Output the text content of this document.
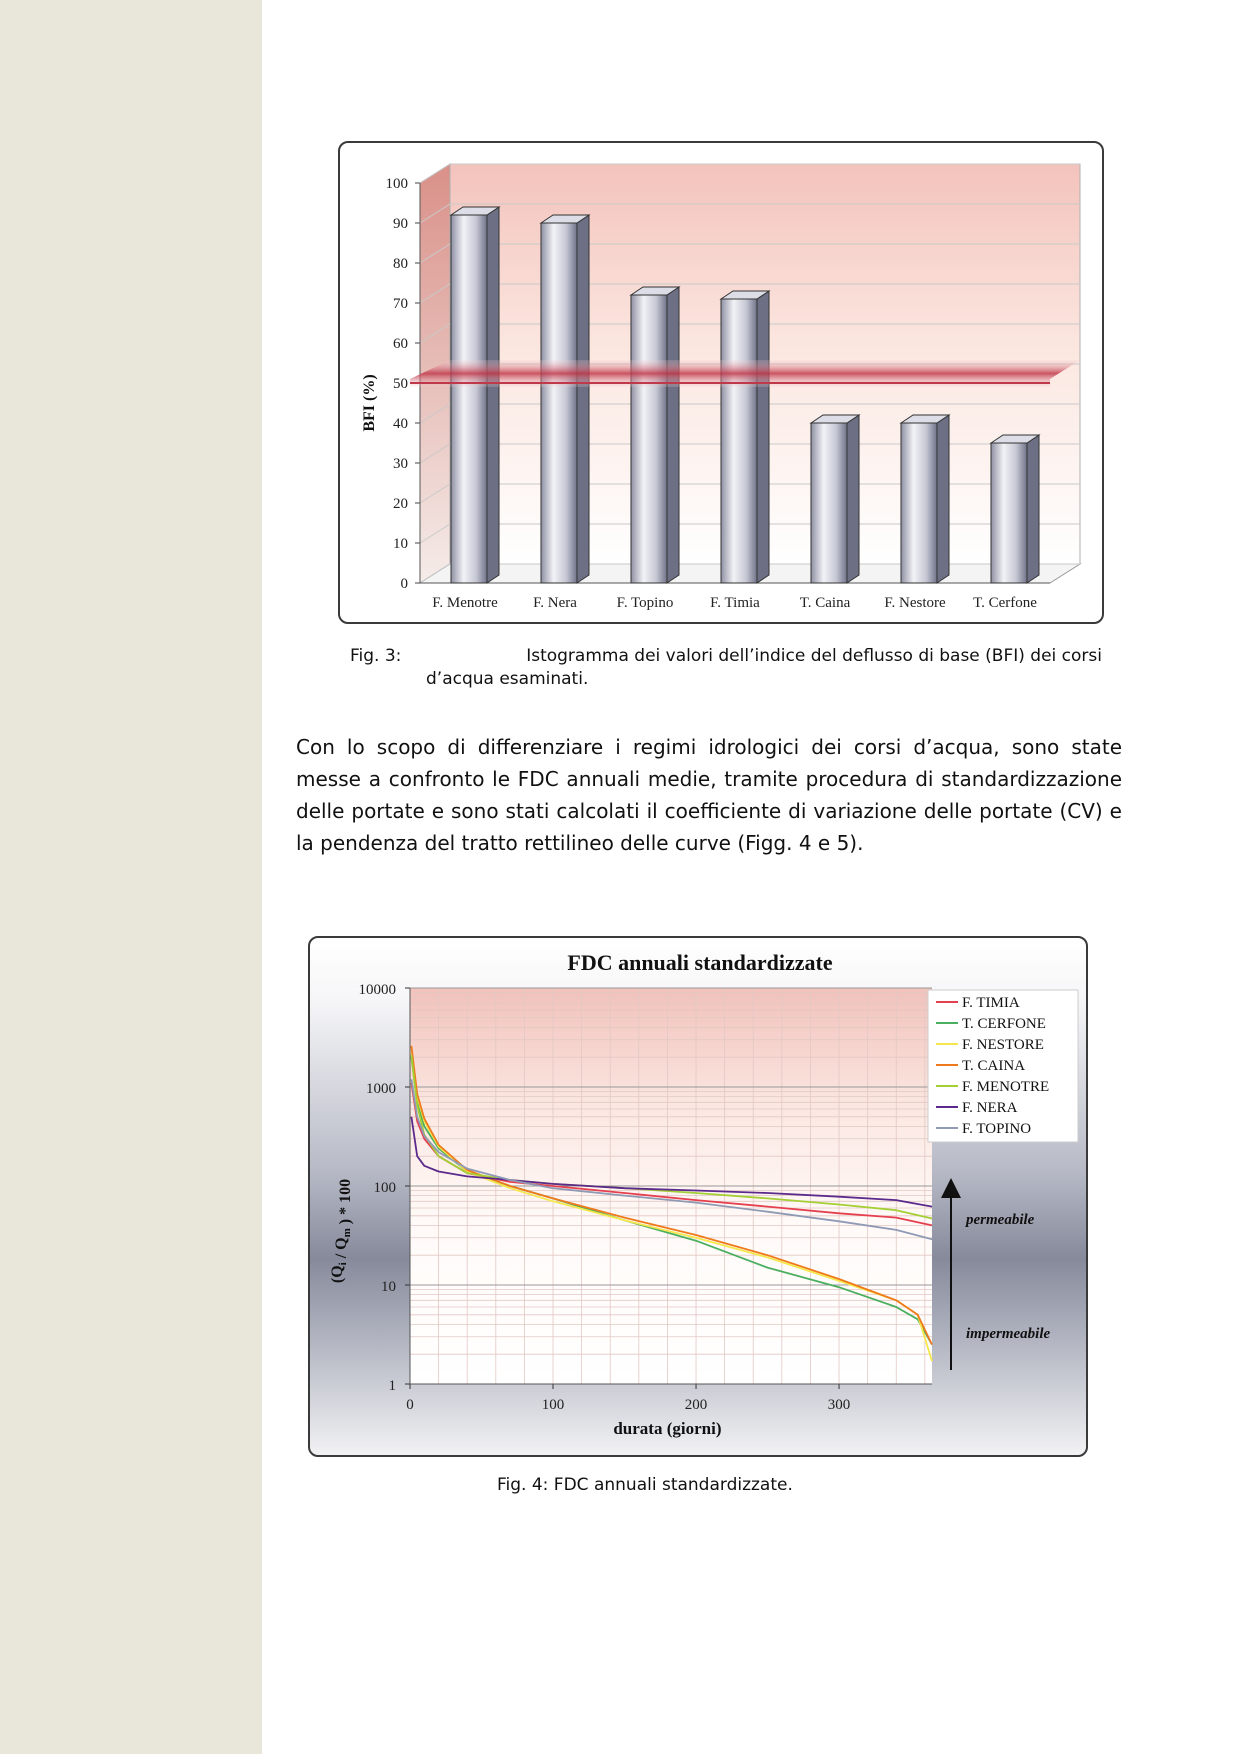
0
10
20
30
40
50
60
70
80
90
100
BFI (%)
F. Menotre F. Nera	F. Topino F. Timia	T. Caina F. Nestore T. Cerfone
Fig. 3:	Istogramma dei valori dell’indice del deflusso di base (BFI) dei corsi
d’acqua esaminati.
Con lo scopo di differenziare i regimi idrologici dei corsi d’acqua, sono state messe a confronto le FDC annuali medie, tramite procedura di standardizzazione delle portate e sono stati calcolati il coefficiente di variazione delle portate (CV) e la pendenza del tratto rettilineo delle curve (Figg. 4 e 5).
FDC annuali standardizzate
1
10
100
1000
10000
0	100	200	300
durata (giorni)
($Q_i / Q_m$ ) * 100
F. TIMIA
T. CERFONE
F. NESTORE
T. CAINA
F. MENOTRE
F. NERA
F. TOPINO
permeabile
impermeabile
Fig. 4: FDC annuali standardizzate.
